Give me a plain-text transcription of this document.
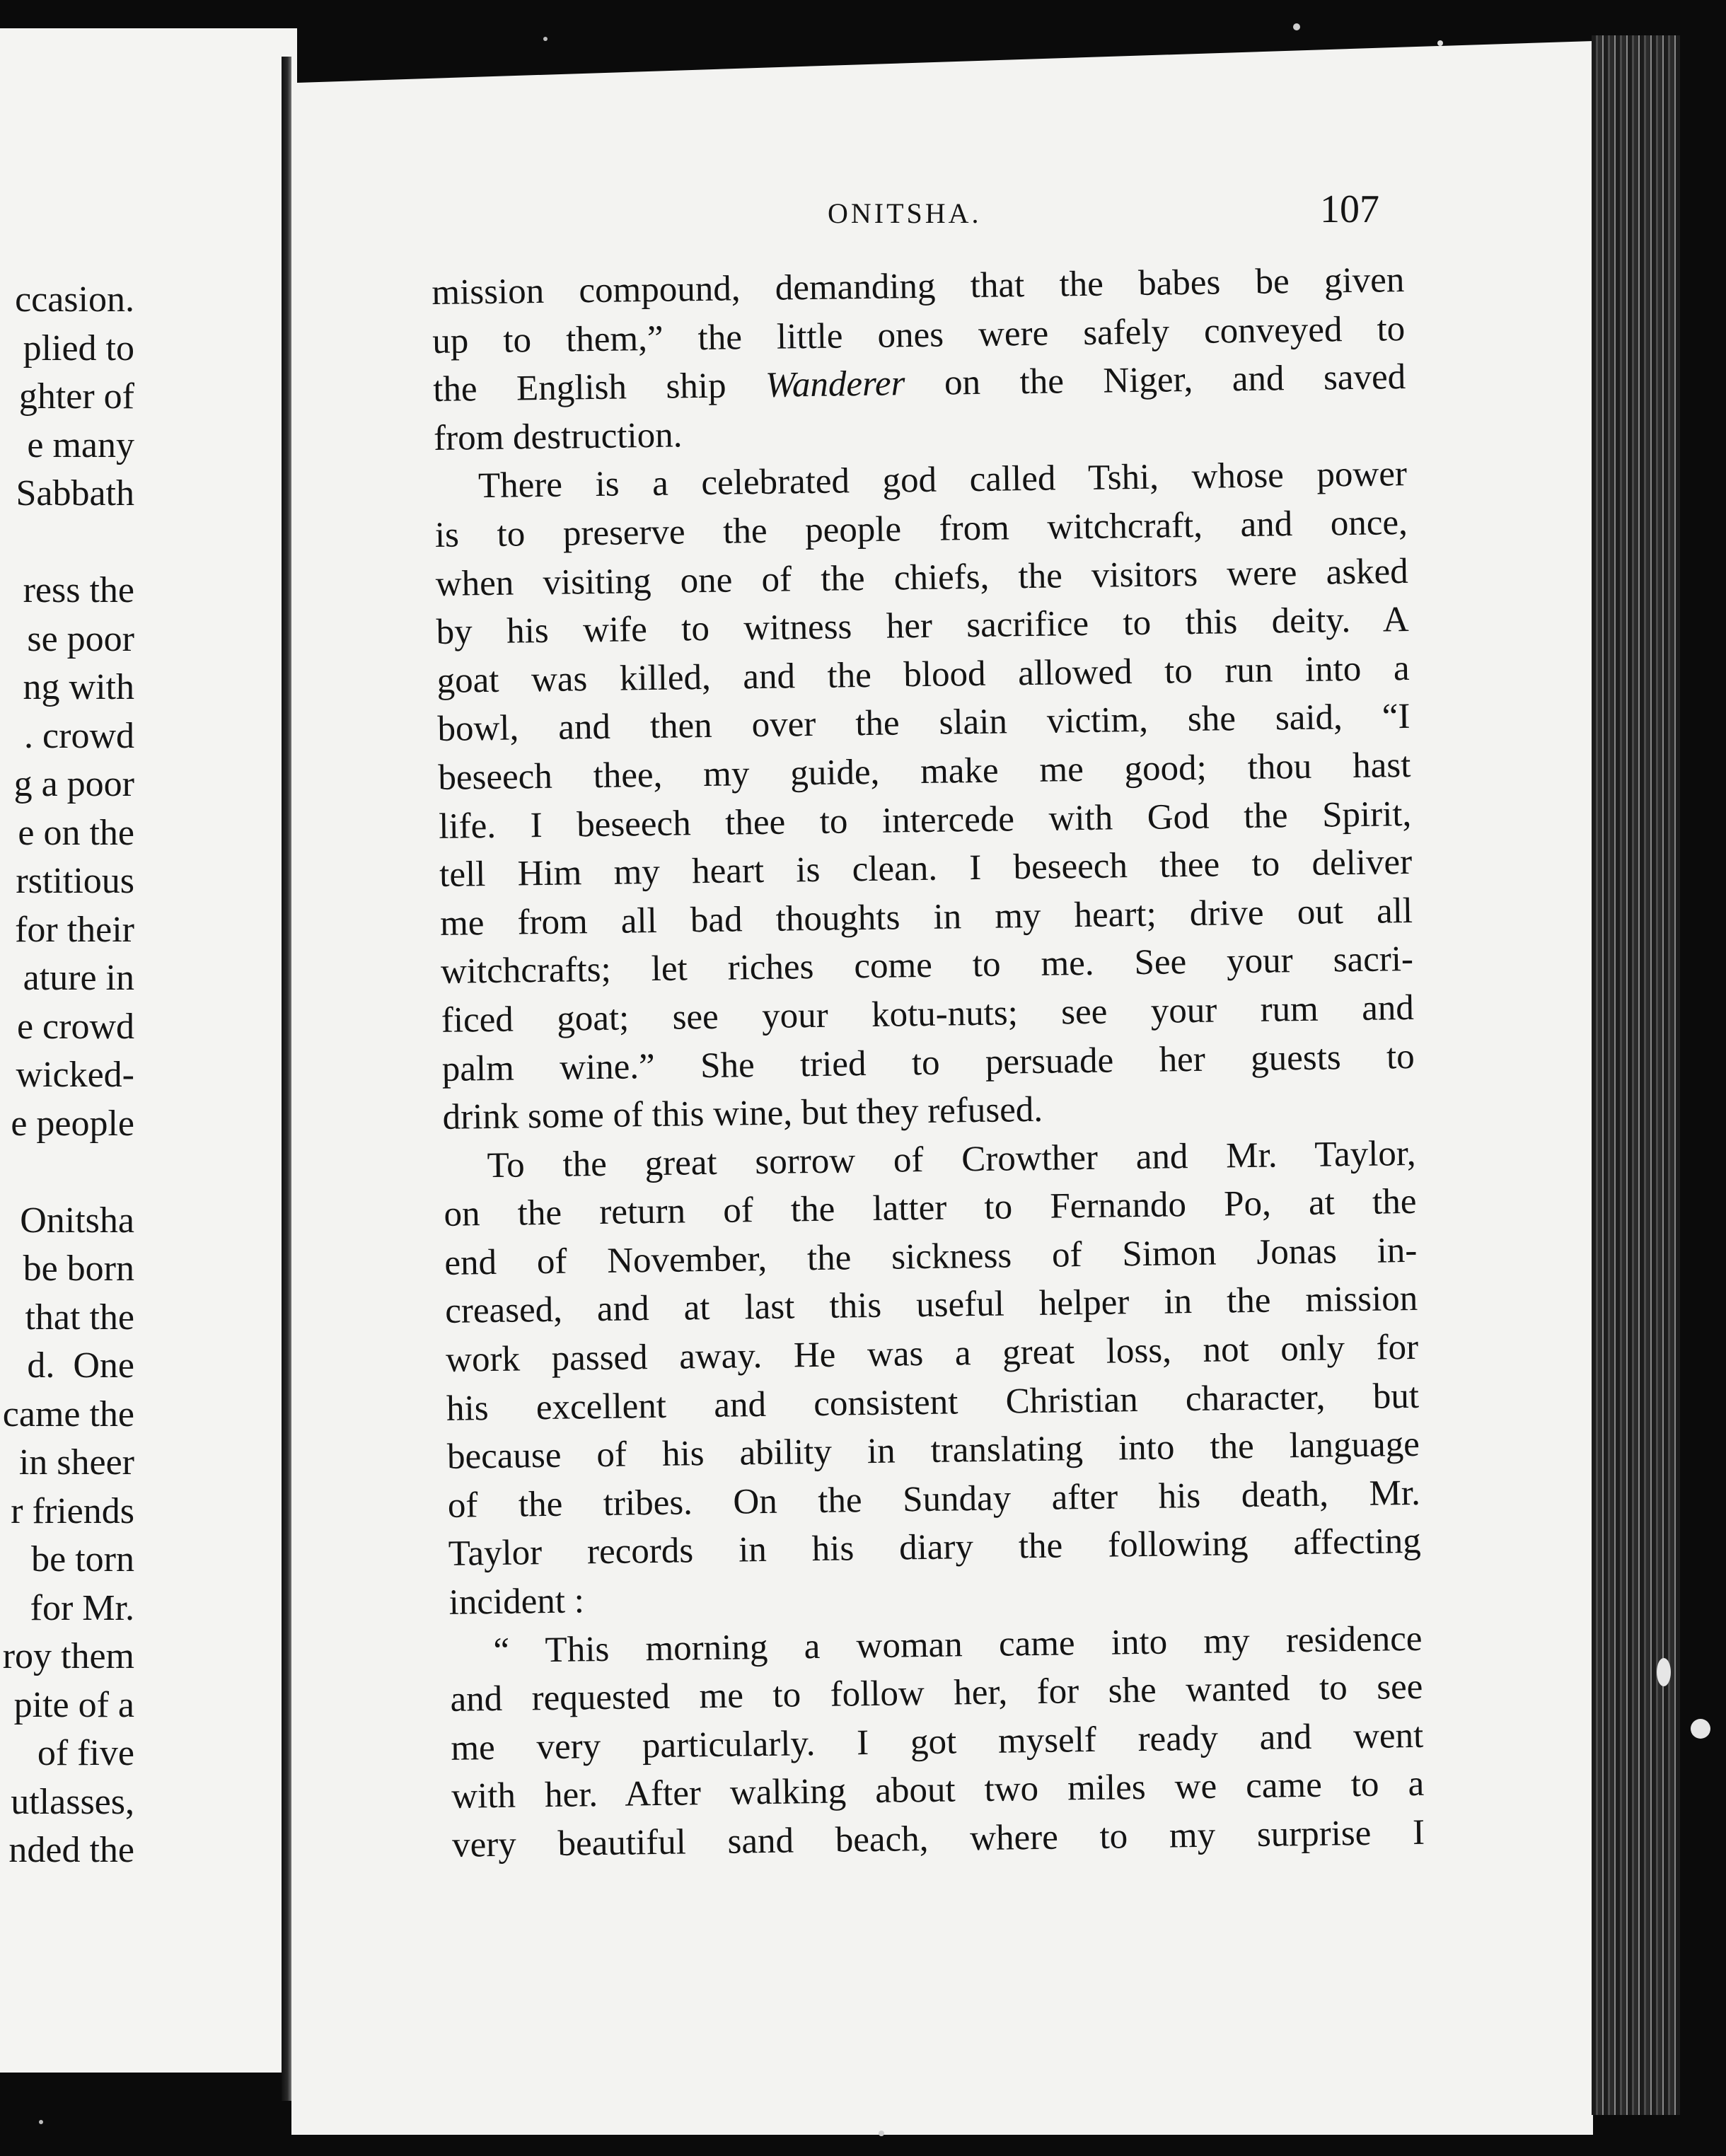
ccasion.
plied to
ghter of
e many
Sabbath

ress the
se poor
ng with
. crowd
g a poor
e on the
rstitious
for their
ature in
e crowd
wicked-
e people

Onitsha
be born
that the
d.  One
came the
in sheer
r friends
be torn
for Mr.
roy them
pite of a
of five
utlasses,
nded the
ONITSHA.	107
mission compound, demanding that the babes be given
up to them,” the little ones were safely conveyed to
the English ship Wanderer on the Niger, and saved
from destruction.
There is a celebrated god called Tshi, whose power
is to preserve the people from witchcraft, and once,
when visiting one of the chiefs, the visitors were asked
by his wife to witness her sacrifice to this deity. A
goat was killed, and the blood allowed to run into a
bowl, and then over the slain victim, she said, “I
beseech thee, my guide, make me good; thou hast
life. I beseech thee to intercede with God the Spirit,
tell Him my heart is clean. I beseech thee to deliver
me from all bad thoughts in my heart; drive out all
witchcrafts; let riches come to me. See your sacri-
ficed goat; see your kotu-nuts; see your rum and
palm wine.” She tried to persuade her guests to
drink some of this wine, but they refused.
To the great sorrow of Crowther and Mr. Taylor,
on the return of the latter to Fernando Po, at the
end of November, the sickness of Simon Jonas in-
creased, and at last this useful helper in the mission
work passed away. He was a great loss, not only for
his excellent and consistent Christian character, but
because of his ability in translating into the language
of the tribes. On the Sunday after his death, Mr.
Taylor records in his diary the following affecting
incident :
“ This morning a woman came into my residence
and requested me to follow her, for she wanted to see
me very particularly. I got myself ready and went
with her. After walking about two miles we came to a
very beautiful sand beach, where to my surprise I
